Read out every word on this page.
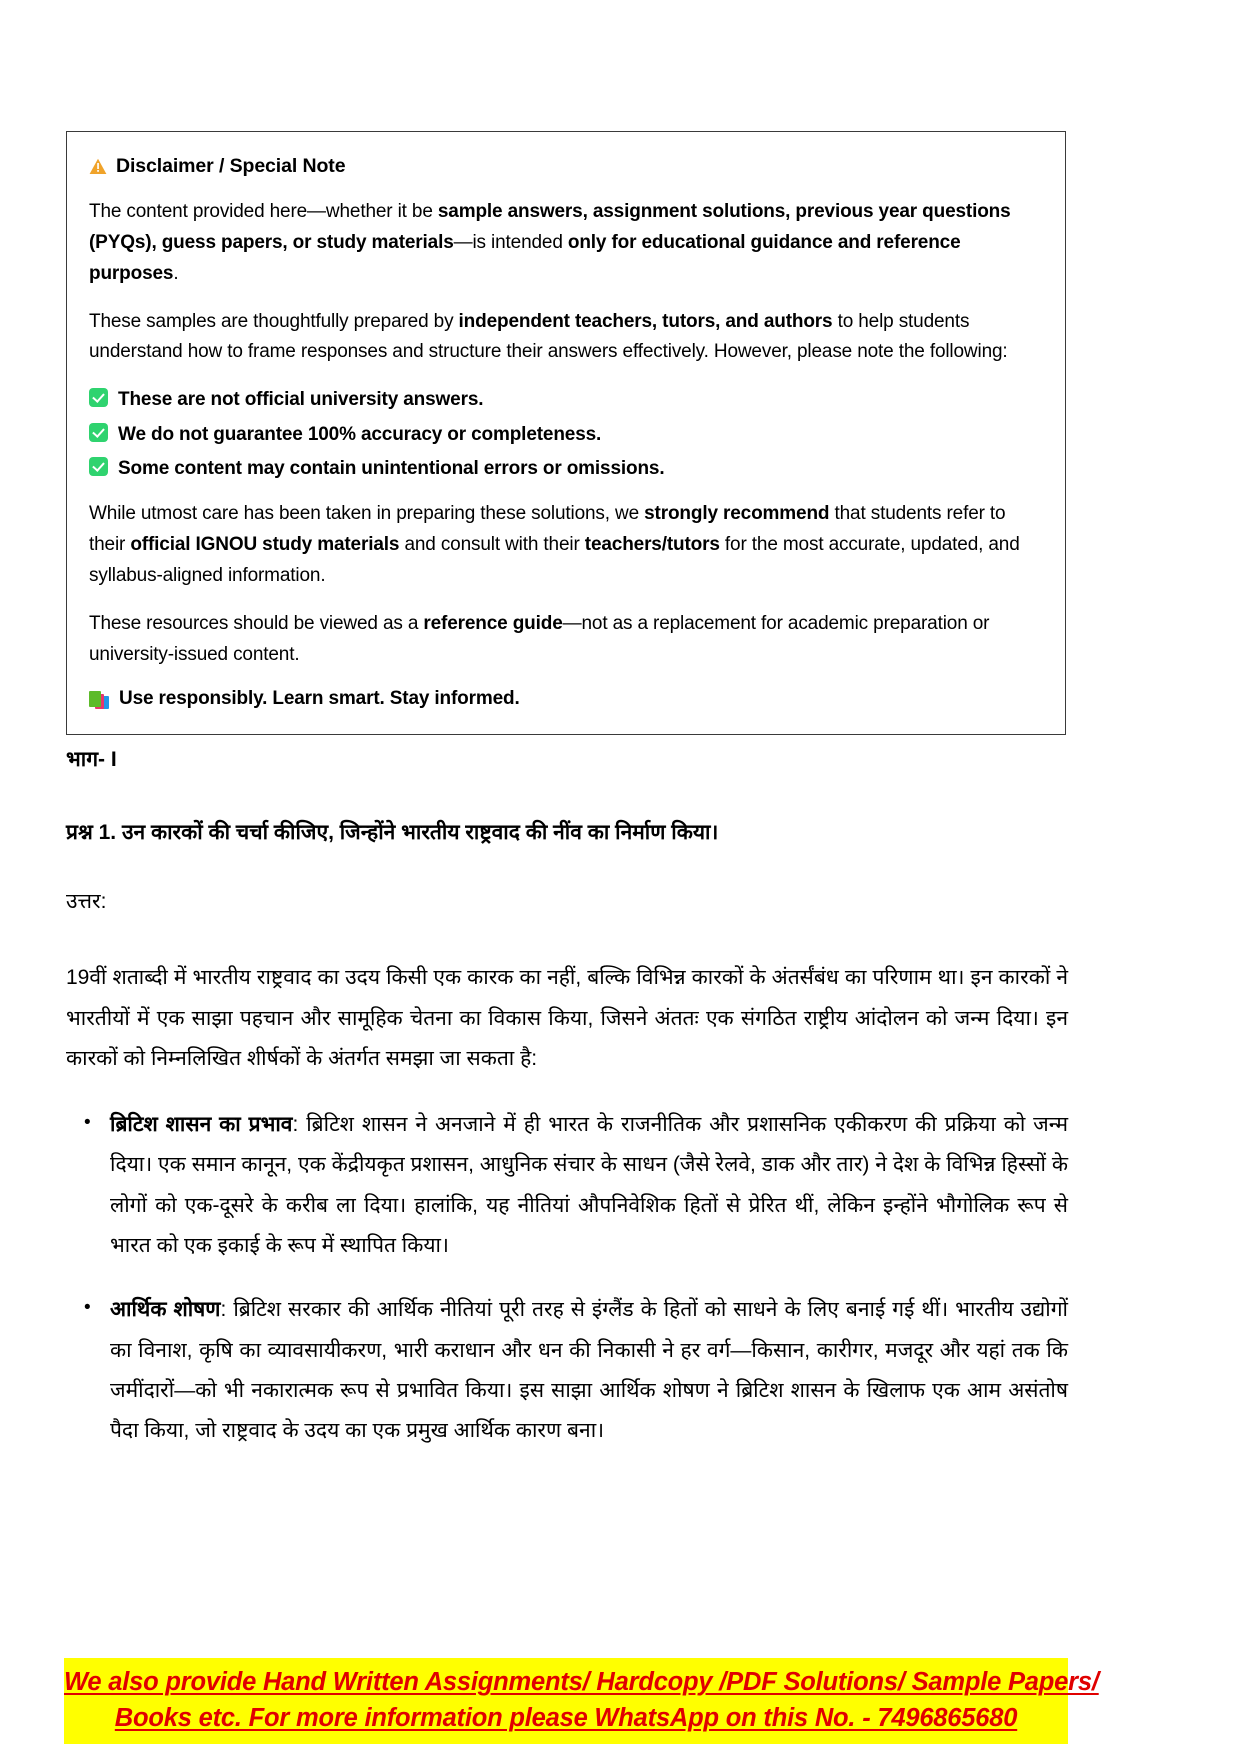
Disclaimer / Special Note

The content provided here—whether it be sample answers, assignment solutions, previous year questions (PYQs), guess papers, or study materials—is intended only for educational guidance and reference purposes.

These samples are thoughtfully prepared by independent teachers, tutors, and authors to help students understand how to frame responses and structure their answers effectively. However, please note the following:

These are not official university answers.
We do not guarantee 100% accuracy or completeness.
Some content may contain unintentional errors or omissions.

While utmost care has been taken in preparing these solutions, we strongly recommend that students refer to their official IGNOU study materials and consult with their teachers/tutors for the most accurate, updated, and syllabus-aligned information.

These resources should be viewed as a reference guide—not as a replacement for academic preparation or university-issued content.

Use responsibly. Learn smart. Stay informed.
भाग- I
प्रश्न 1. उन कारकों की चर्चा कीजिए, जिन्होंने भारतीय राष्ट्रवाद की नींव का निर्माण किया।

उत्तर:

19वीं शताब्दी में भारतीय राष्ट्रवाद का उदय किसी एक कारक का नहीं, बल्कि विभिन्न कारकों के अंतर्संबंध का परिणाम था। इन कारकों ने भारतीयों में एक साझा पहचान और सामूहिक चेतना का विकास किया, जिसने अंततः एक संगठित राष्ट्रीय आंदोलन को जन्म दिया। इन कारकों को निम्नलिखित शीर्षकों के अंतर्गत समझा जा सकता है:

• ब्रिटिश शासन का प्रभाव: ब्रिटिश शासन ने अनजाने में ही भारत के राजनीतिक और प्रशासनिक एकीकरण की प्रक्रिया को जन्म दिया। एक समान कानून, एक केंद्रीयकृत प्रशासन, आधुनिक संचार के साधन (जैसे रेलवे, डाक और तार) ने देश के विभिन्न हिस्सों के लोगों को एक-दूसरे के करीब ला दिया। हालांकि, यह नीतियां औपनिवेशिक हितों से प्रेरित थीं, लेकिन इन्होंने भौगोलिक रूप से भारत को एक इकाई के रूप में स्थापित किया।
• आर्थिक शोषण: ब्रिटिश सरकार की आर्थिक नीतियां पूरी तरह से इंग्लैंड के हितों को साधने के लिए बनाई गई थीं। भारतीय उद्योगों का विनाश, कृषि का व्यावसायीकरण, भारी कराधान और धन की निकासी ने हर वर्ग—किसान, कारीगर, मजदूर और यहां तक कि जमींदारों—को भी नकारात्मक रूप से प्रभावित किया। इस साझा आर्थिक शोषण ने ब्रिटिश शासन के खिलाफ एक आम असंतोष पैदा किया, जो राष्ट्रवाद के उदय का एक प्रमुख आर्थिक कारण बना।
We also provide Hand Written Assignments/ Hardcopy /PDF Solutions/ Sample Papers/
Books etc. For more information please WhatsApp on this No. - 7496865680
